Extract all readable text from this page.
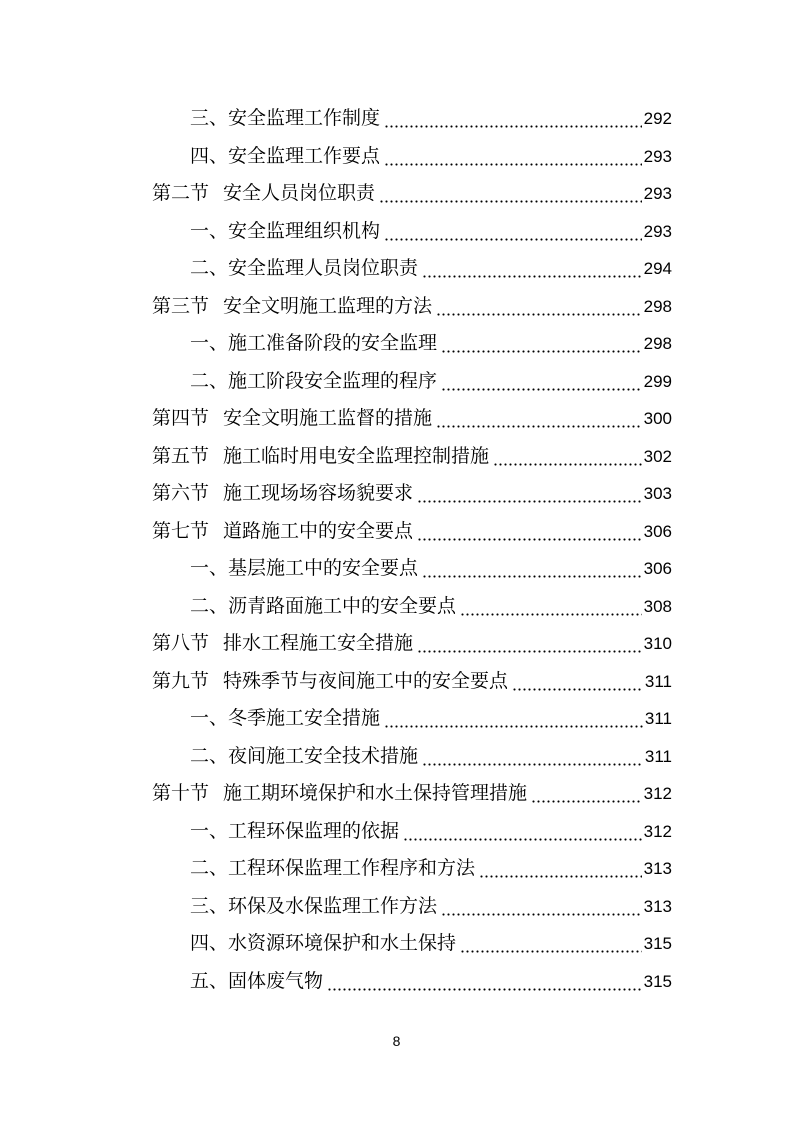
三、 安全监理工作制度	292
四、 安全监理工作要点	293
第二节 安全人员岗位职责	293
一、 安全监理组织机构	293
二、 安全监理人员岗位职责	294
第三节 安全文明施工监理的方法	298
一、 施工准备阶段的安全监理	298
二、 施工阶段安全监理的程序	299
第四节 安全文明施工监督的措施	300
第五节 施工临时用电安全监理控制措施	302
第六节 施工现场场容场貌要求	303
第七节 道路施工中的安全要点	306
一、 基层施工中的安全要点	306
二、 沥青路面施工中的安全要点	308
第八节 排水工程施工安全措施	310
第九节 特殊季节与夜间施工中的安全要点	311
一、 冬季施工安全措施	311
二、 夜间施工安全技术措施	311
第十节 施工期环境保护和水土保持管理措施	312
一、 工程环保监理的依据	312
二、 工程环保监理工作程序和方法	313
三、 环保及水保监理工作方法	313
四、 水资源环境保护和水土保持	315
五、 固体废气物	315
8
